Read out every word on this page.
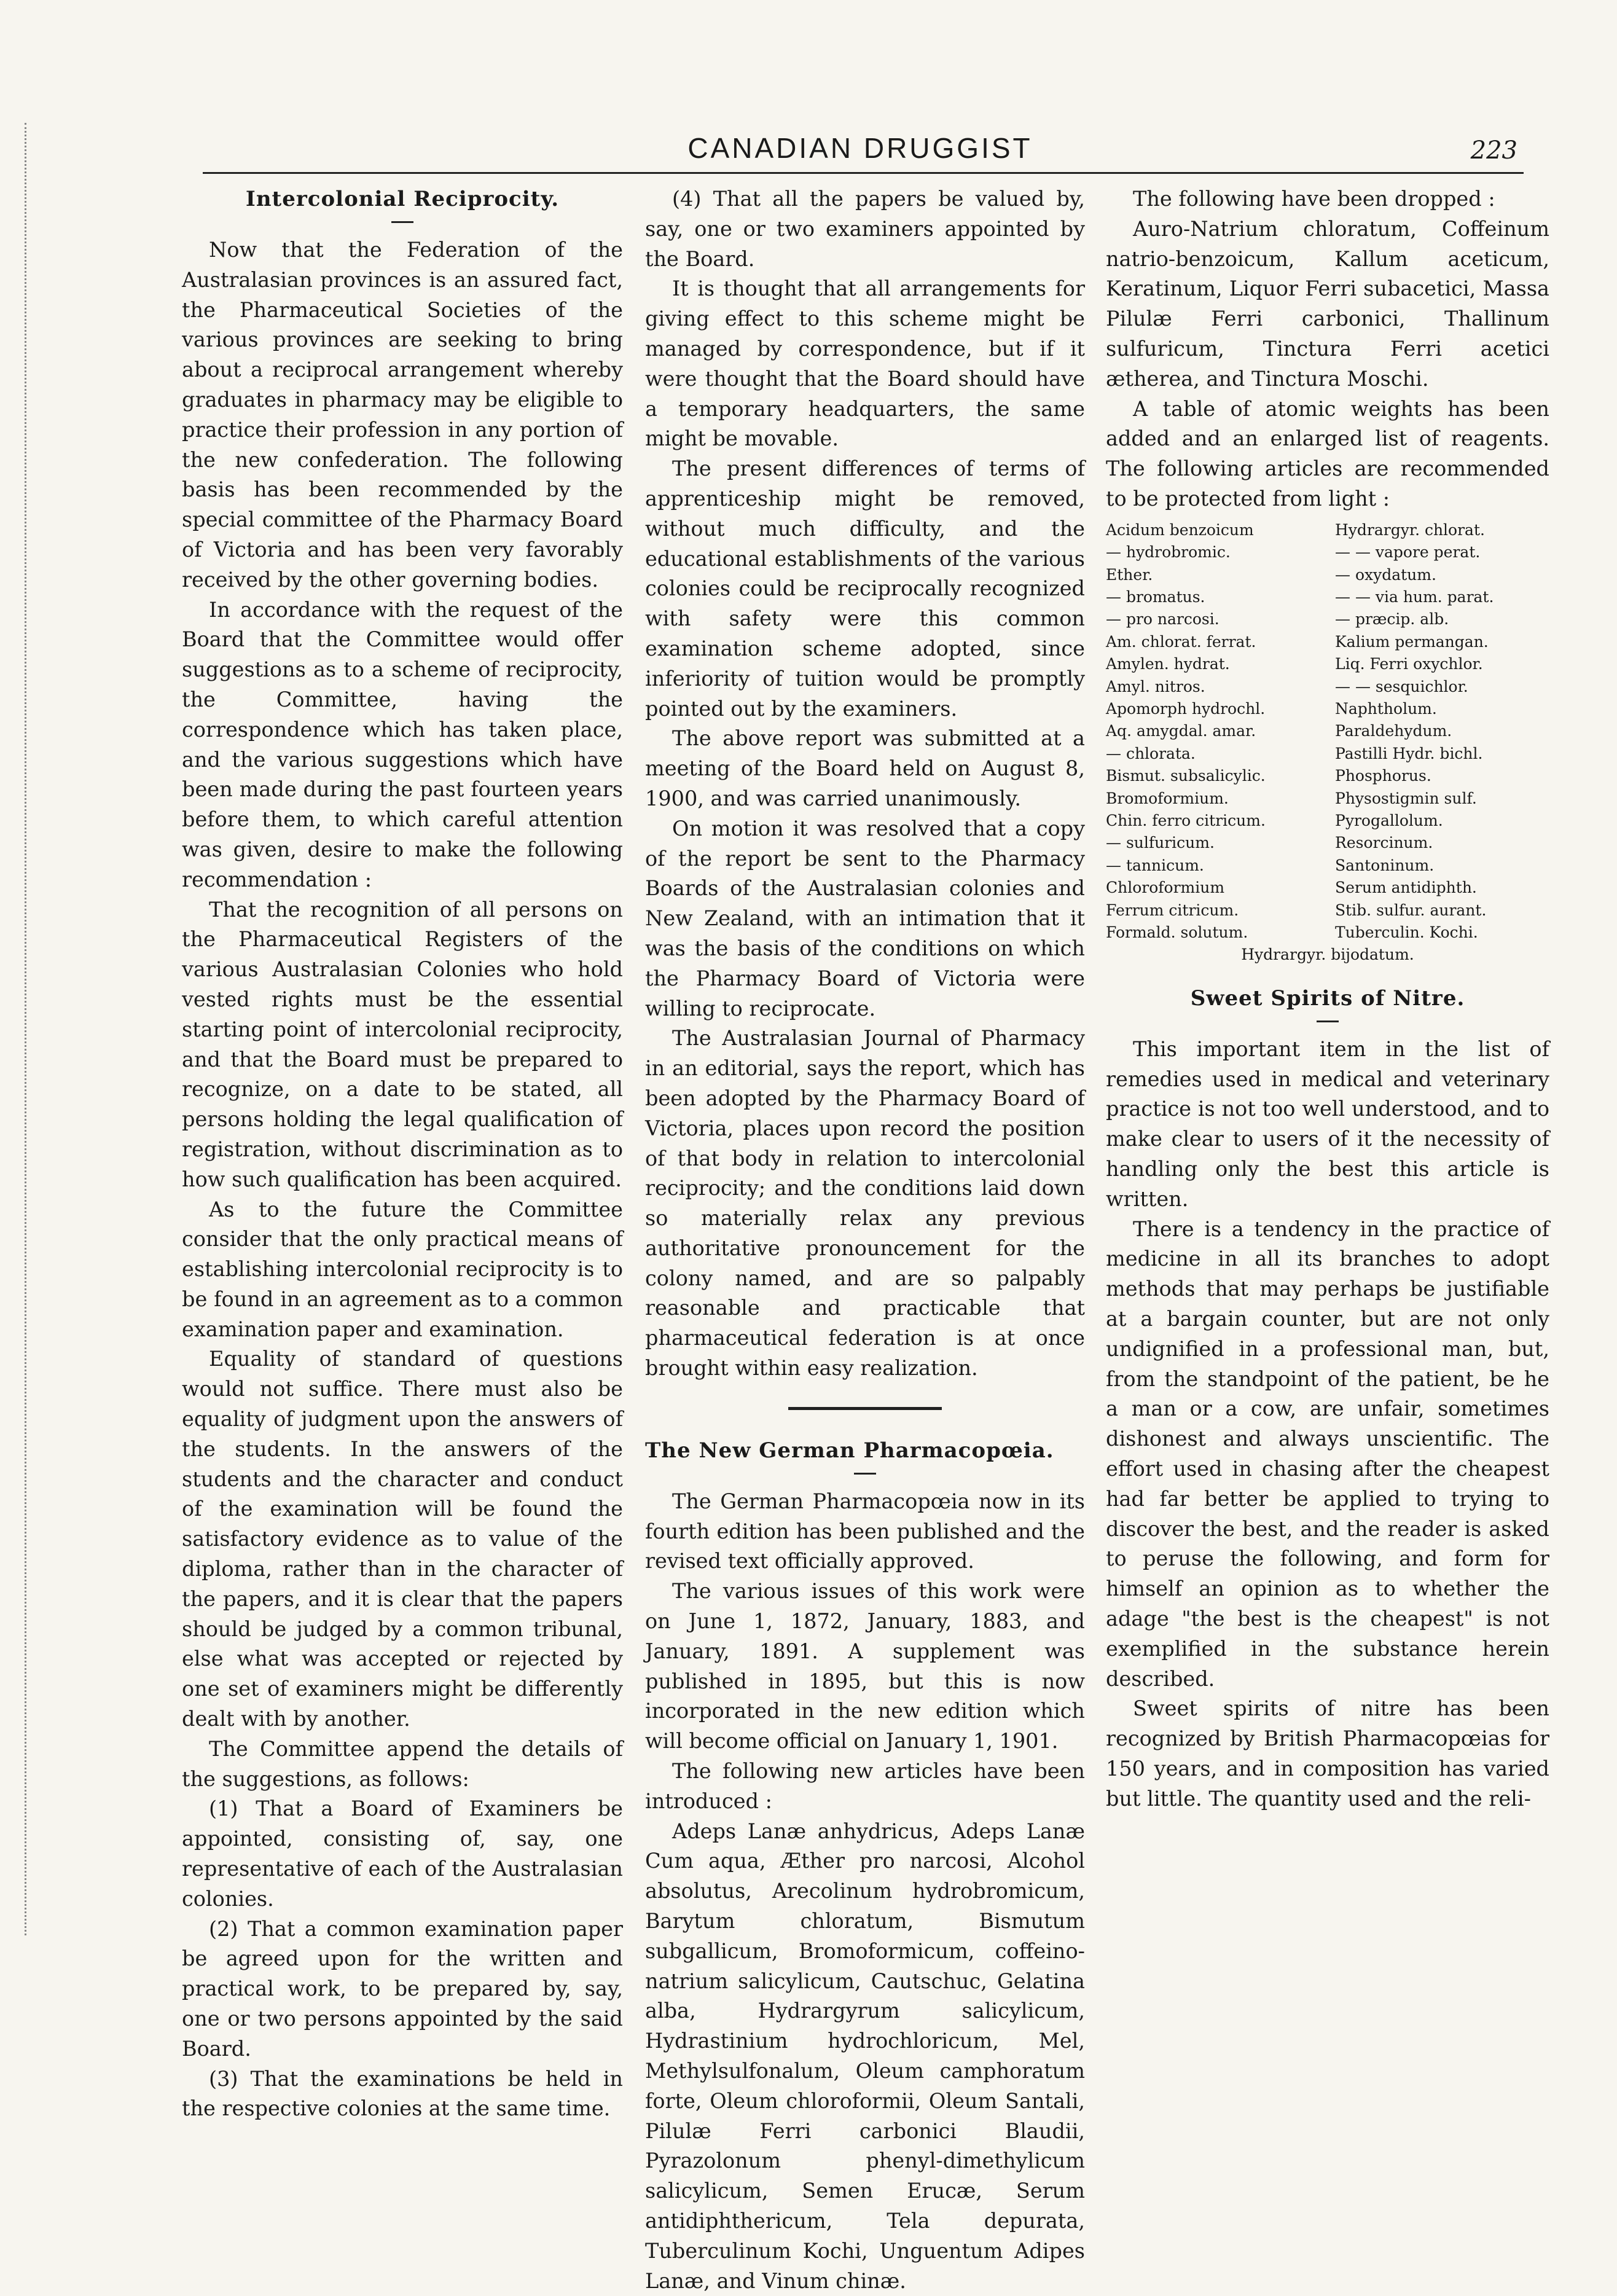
CANADIAN DRUGGIST	223
Intercolonial Reciprocity.

Now that the Federation of the Australasian provinces is an assured fact, the Pharmaceutical Societies of the various provinces are seeking to bring about a reciprocal arrangement whereby graduates in pharmacy may be eligible to practice their profession in any portion of the new confederation. The following basis has been recommended by the special committee of the Pharmacy Board of Victoria and has been very favorably received by the other governing bodies.

In accordance with the request of the Board that the Committee would offer suggestions as to a scheme of reciprocity, the Committee, having the correspondence which has taken place, and the various suggestions which have been made during the past fourteen years before them, to which careful attention was given, desire to make the following recommendation :

That the recognition of all persons on the Pharmaceutical Registers of the various Australasian Colonies who hold vested rights must be the essential starting point of intercolonial reciprocity, and that the Board must be prepared to recognize, on a date to be stated, all persons holding the legal qualification of registration, without discrimination as to how such qualification has been acquired.

As to the future the Committee consider that the only practical means of establishing intercolonial reciprocity is to be found in an agreement as to a common examination paper and examination.

Equality of standard of questions would not suffice. There must also be equality of judgment upon the answers of the students. In the answers of the students and the character and conduct of the examination will be found the satisfactory evidence as to value of the diploma, rather than in the character of the papers, and it is clear that the papers should be judged by a common tribunal, else what was accepted or rejected by one set of examiners might be differently dealt with by another.

The Committee append the details of the suggestions, as follows:

(1) That a Board of Examiners be appointed, consisting of, say, one representative of each of the Australasian colonies.

(2) That a common examination paper be agreed upon for the written and practical work, to be prepared by, say, one or two persons appointed by the said Board.

(3) That the examinations be held in the respective colonies at the same time.

(4) That all the papers be valued by, say, one or two examiners appointed by the Board.

It is thought that all arrangements for giving effect to this scheme might be managed by correspondence, but if it were thought that the Board should have a temporary headquarters, the same might be movable.

The present differences of terms of apprenticeship might be removed, without much difficulty, and the educational establishments of the various colonies could be reciprocally recognized with safety were this common examination scheme adopted, since inferiority of tuition would be promptly pointed out by the examiners.

The above report was submitted at a meeting of the Board held on August 8, 1900, and was carried unanimously.

On motion it was resolved that a copy of the report be sent to the Pharmacy Boards of the Australasian colonies and New Zealand, with an intimation that it was the basis of the conditions on which the Pharmacy Board of Victoria were willing to reciprocate.

The Australasian Journal of Pharmacy in an editorial, says the report, which has been adopted by the Pharmacy Board of Victoria, places upon record the position of that body in relation to intercolonial reciprocity; and the conditions laid down so materially relax any previous authoritative pronouncement for the colony named, and are so palpably reasonable and practicable that pharmaceutical federation is at once brought within easy realization.

The New German Pharmacopœia.

The German Pharmacopœia now in its fourth edition has been published and the revised text officially approved.

The various issues of this work were on June 1, 1872, January, 1883, and January, 1891. A supplement was published in 1895, but this is now incorporated in the new edition which will become official on January 1, 1901.

The following new articles have been introduced :

Adeps Lanæ anhydricus, Adeps Lanæ Cum aqua, Æther pro narcosi, Alcohol absolutus, Arecolinum hydrobromicum, Barytum chloratum, Bismutum subgallicum, Bromoformicum, coffeino-natrium salicylicum, Cautschuc, Gelatina alba, Hydrargyrum salicylicum, Hydrastinium hydrochloricum, Mel, Methylsulfonalum, Oleum camphoratum forte, Oleum chloroformii, Oleum Santali, Pilulæ Ferri carbonici Blaudii, Pyrazolonum phenyl-dimethylicum salicylicum, Semen Erucæ, Serum antidiphthericum, Tela depurata, Tuberculinum Kochi, Unguentum Adipes Lanæ, and Vinum chinæ.

The following have been dropped :

Auro-Natrium chloratum, Coffeinum natrio-benzoicum, Kallum aceticum, Keratinum, Liquor Ferri subacetici, Massa Pilulæ Ferri carbonici, Thallinum sulfuricum, Tinctura Ferri acetici ætherea, and Tinctura Moschi.

A table of atomic weights has been added and an enlarged list of reagents. The following articles are recommended to be protected from light :

Acidum benzoicum	Hydrargyr. chlorat.
— hydrobromic.	— — vapore perat.
Ether.	— oxydatum.
— bromatus.	— — via hum. parat.
— pro narcosi.	— præcip. alb.
Am. chlorat. ferrat.	Kalium permangan.
Amylen. hydrat.	Liq. Ferri oxychlor.
Amyl. nitros.	— — sesquichlor.
Apomorph hydrochl.	Naphtholum.
Aq. amygdal. amar.	Paraldehydum.
— chlorata.	Pastilli Hydr. bichl.
Bismut. subsalicylic.	Phosphorus.
Bromoformium.	Physostigmin sulf.
Chin. ferro citricum.	Pyrogallolum.
— sulfuricum.	Resorcinum.
— tannicum.	Santoninum.
Chloroformium	Serum antidiphth.
Ferrum citricum.	Stib. sulfur. aurant.
Formald. solutum.	Tuberculin. Kochi.
Hydrargyr. bijodatum.
Sweet Spirits of Nitre.

This important item in the list of remedies used in medical and veterinary practice is not too well understood, and to make clear to users of it the necessity of handling only the best this article is written.

There is a tendency in the practice of medicine in all its branches to adopt methods that may perhaps be justifiable at a bargain counter, but are not only undignified in a professional man, but, from the standpoint of the patient, be he a man or a cow, are unfair, sometimes dishonest and always unscientific. The effort used in chasing after the cheapest had far better be applied to trying to discover the best, and the reader is asked to peruse the following, and form for himself an opinion as to whether the adage "the best is the cheapest" is not exemplified in the substance herein described.

Sweet spirits of nitre has been recognized by British Pharmacopœias for 150 years, and in composition has varied but little. The quantity used and the reli-
